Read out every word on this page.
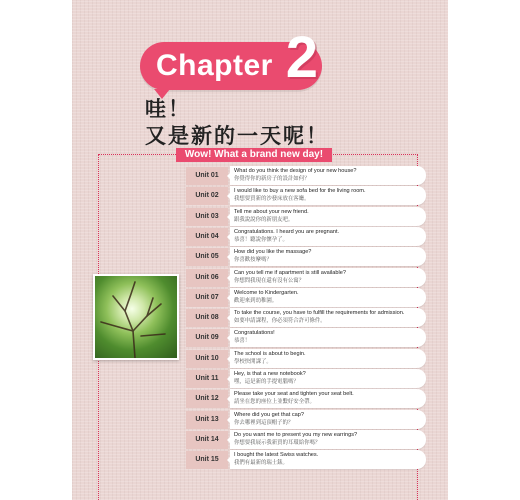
Chapter 2
哇！
又是新的一天呢！
Wow! What a brand new day!
Unit 01
What do you think the design of your new house?
你覺得你的新房子的設計如何？
Unit 02
I would like to buy a new sofa bed for the living room.
我想要買新的沙發床放在客廳。
Unit 03
Tell me about your new friend.
跟我說說你的新朋友吧。
Unit 04
Congratulations. I heard you are pregnant.
恭喜！聽說你懷孕了。
Unit 05
How did you like the massage?
你喜歡按摩嗎？
Unit 06
Can you tell me if apartment is still available?
你想問我現在還有沒有公寓？
Unit 07
Welcome to Kindergarten.
歡迎來到幼稚園。
Unit 08
To take the course, you have to fulfill the requirements for admission.
如要申請課程，你必須符合許可條件。
Unit 09
Congratulations!
恭喜！
Unit 10
The school is about to begin.
學校快開課了。
Unit 11
Hey, is that a new notebook?
嘿，這是新的手提電腦嗎？
Unit 12
Please take your seat and tighten your seat belt.
請坐在您的座位上並繫好安全帶。
Unit 13
Where did you get that cap?
你去哪裡到這頂帽子的？
Unit 14
Do you want me to present you my new earrings?
你想要我展示我新買的耳環給你嗎？
Unit 15
I bought the latest Swiss watches.
我們有最新的瑞士錶。
